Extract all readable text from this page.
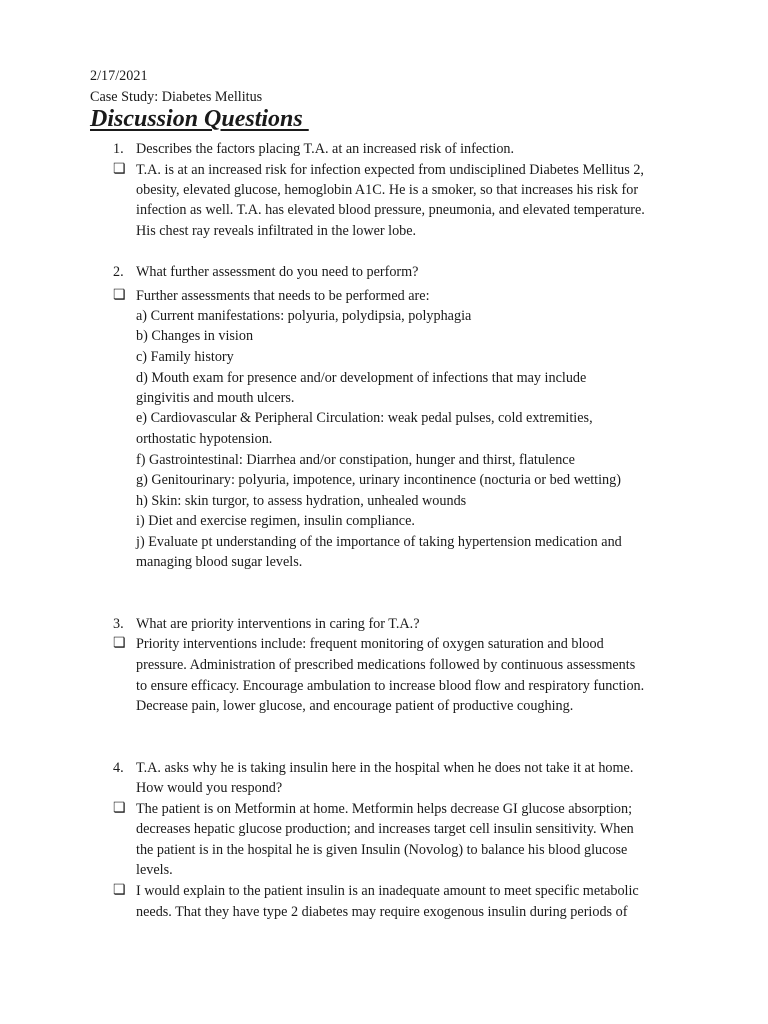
2/17/2021
Case Study: Diabetes Mellitus
Discussion Questions
1. Describes the factors placing T.A. at an increased risk of infection.
❏ T.A. is at an increased risk for infection expected from undisciplined Diabetes Mellitus 2,
obesity, elevated glucose, hemoglobin A1C. He is a smoker, so that increases his risk for
infection as well. T.A. has elevated blood pressure, pneumonia, and elevated temperature.
His chest ray reveals infiltrated in the lower lobe.
2. What further assessment do you need to perform?
❏ Further assessments that needs to be performed are:
a) Current manifestations: polyuria, polydipsia, polyphagia
b) Changes in vision
c) Family history
d) Mouth exam for presence and/or development of infections that may include
gingivitis and mouth ulcers.
e) Cardiovascular & Peripheral Circulation: weak pedal pulses, cold extremities,
orthostatic hypotension.
f) Gastrointestinal: Diarrhea and/or constipation, hunger and thirst, flatulence
g) Genitourinary: polyuria, impotence, urinary incontinence (nocturia or bed wetting)
h) Skin: skin turgor, to assess hydration, unhealed wounds
i) Diet and exercise regimen, insulin compliance.
j) Evaluate pt understanding of the importance of taking hypertension medication and
managing blood sugar levels.
3. What are priority interventions in caring for T.A.?
❏ Priority interventions include: frequent monitoring of oxygen saturation and blood
pressure. Administration of prescribed medications followed by continuous assessments
to ensure efficacy. Encourage ambulation to increase blood flow and respiratory function.
Decrease pain, lower glucose, and encourage patient of productive coughing.
4. T.A. asks why he is taking insulin here in the hospital when he does not take it at home.
How would you respond?
❏ The patient is on Metformin at home. Metformin helps decrease GI glucose absorption;
decreases hepatic glucose production; and increases target cell insulin sensitivity. When
the patient is in the hospital he is given Insulin (Novolog) to balance his blood glucose
levels.
❏ I would explain to the patient insulin is an inadequate amount to meet specific metabolic
needs. That they have type 2 diabetes may require exogenous insulin during periods of
